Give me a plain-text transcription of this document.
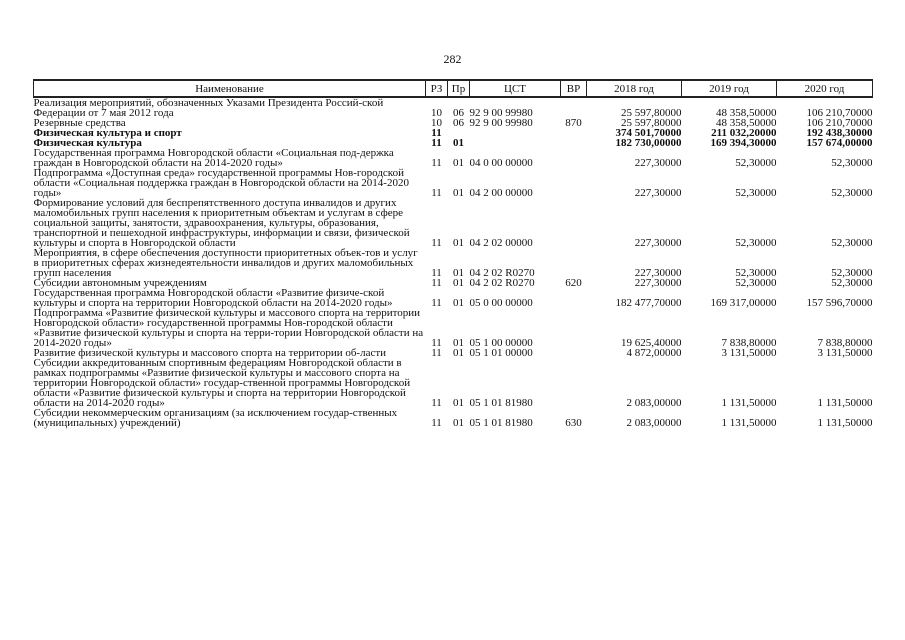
282
Наименование	РЗ	Пр	ЦСТ	ВР	2018 год	2019 год	2020 год
Реализация мероприятий, обозначенных Указами Президента Россий-ской Федерации от 7 мая 2012 года	10	06	92 9 00 99980		25 597,80000	48 358,50000	106 210,70000
Резервные средства	10	06	92 9 00 99980	870	25 597,80000	48 358,50000	106 210,70000
Физическая культура и спорт	11				374 501,70000	211 032,20000	192 438,30000
Физическая культура	11	01			182 730,00000	169 394,30000	157 674,00000
Государственная программа Новгородской области «Социальная под-держка граждан в Новгородской области на 2014-2020 годы»	11	01	04 0 00 00000		227,30000	52,30000	52,30000
Подпрограмма «Доступная среда» государственной программы Нов-городской области «Социальная поддержка граждан в Новгородской области на 2014-2020 годы»	11	01	04 2 00 00000		227,30000	52,30000	52,30000
Формирование условий для беспрепятственного доступа инвалидов и других маломобильных групп населения к приоритетным объектам и услугам в сфере социальной защиты, занятости, здравоохранения, культуры, образования, транспортной и пешеходной инфраструктуры, информации и связи, физической культуры и спорта в Новгородской области	11	01	04 2 02 00000		227,30000	52,30000	52,30000
Мероприятия, в сфере обеспечения доступности приоритетных объек-тов и услуг в приоритетных сферах жизнедеятельности инвалидов и других маломобильных групп населения	11	01	04 2 02 R0270		227,30000	52,30000	52,30000
Субсидии автономным учреждениям	11	01	04 2 02 R0270	620	227,30000	52,30000	52,30000
Государственная программа Новгородской области «Развитие физиче-ской культуры и спорта на территории Новгородской области на 2014-2020 годы»	11	01	05 0 00 00000		182 477,70000	169 317,00000	157 596,70000
Подпрограмма «Развитие физической культуры и массового спорта на территории Новгородской области» государственной программы Нов-городской области «Развитие физической культуры и спорта на терри-тории Новгородской области на 2014-2020 годы»	11	01	05 1 00 00000		19 625,40000	7 838,80000	7 838,80000
Развитие физической культуры и массового спорта на территории об-ласти	11	01	05 1 01 00000		4 872,00000	3 131,50000	3 131,50000
Субсидии аккредитованным спортивным федерациям Новгородской области в рамках подпрограммы «Развитие физической культуры и массового спорта на территории Новгородской области» государ-ственной программы Новгородской области «Развитие физической культуры и спорта на территории Новгородской области на 2014-2020 годы»	11	01	05 1 01 81980		2 083,00000	1 131,50000	1 131,50000
Субсидии некоммерческим организациям (за исключением государ-ственных (муниципальных) учреждений)	11	01	05 1 01 81980	630	2 083,00000	1 131,50000	1 131,50000
